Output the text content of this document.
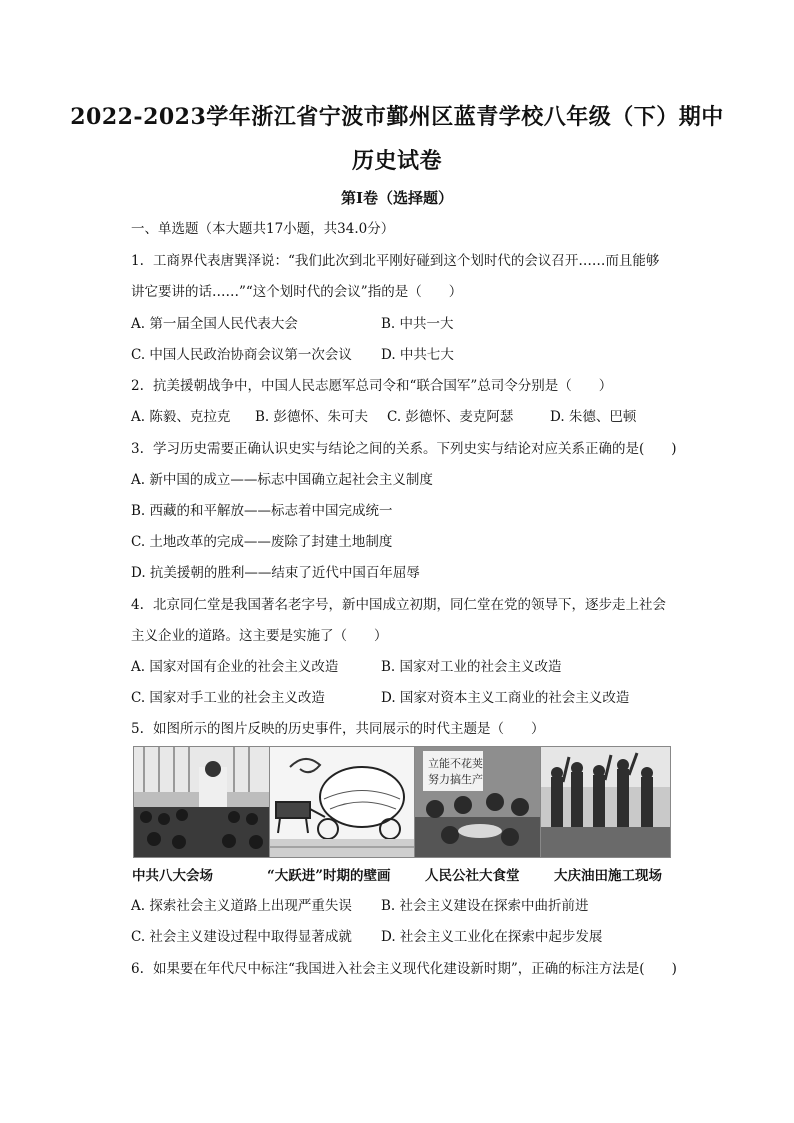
2022-2023学年浙江省宁波市鄞州区蓝青学校八年级（下）期中
历史试卷
第I卷（选择题）
一、单选题（本大题共17小题，共34.0分）
1. 工商界代表唐巽泽说：“我们此次到北平刚好碰到这个划时代的会议召开……而且能够
讲它要讲的话……”“这个划时代的会议”指的是（　　）
A. 第一届全国人民代表大会	B. 中共一大
C. 中国人民政治协商会议第一次会议 D. 中共七大
2. 抗美援朝战争中，中国人民志愿军总司令和“联合国军”总司令分别是（　　）
A. 陈毅、克拉克 B. 彭德怀、朱可夫 C. 彭德怀、麦克阿瑟	D. 朱德、巴顿
3. 学习历史需要正确认识史实与结论之间的关系。下列史实与结论对应关系正确的是(　　)
A. 新中国的成立——标志中国确立起社会主义制度
B. 西藏的和平解放——标志着中国完成统一
C. 土地改革的完成——废除了封建土地制度
D. 抗美援朝的胜利——结束了近代中国百年屈辱
4. 北京同仁堂是我国著名老字号，新中国成立初期，同仁堂在党的领导下，逐步走上社会
主义企业的道路。这主要是实施了（　　）
A. 国家对国有企业的社会主义改造	B. 国家对工业的社会主义改造
C. 国家对手工业的社会主义改造	D. 国家对资本主义工商业的社会主义改造
5. 如图所示的图片反映的历史事件，共同展示的时代主题是（　　）
立能不花荚
努力搞生产
中共八大会场	“大跃进”时期的壁画	人民公社大食堂	大庆油田施工现场
A. 探索社会主义道路上出现严重失误 B. 社会主义建设在探索中曲折前进
C. 社会主义建设过程中取得显著成就 D. 社会主义工业化在探索中起步发展
6. 如果要在年代尺中标注“我国进入社会主义现代化建设新时期”，正确的标注方法是(　　)
